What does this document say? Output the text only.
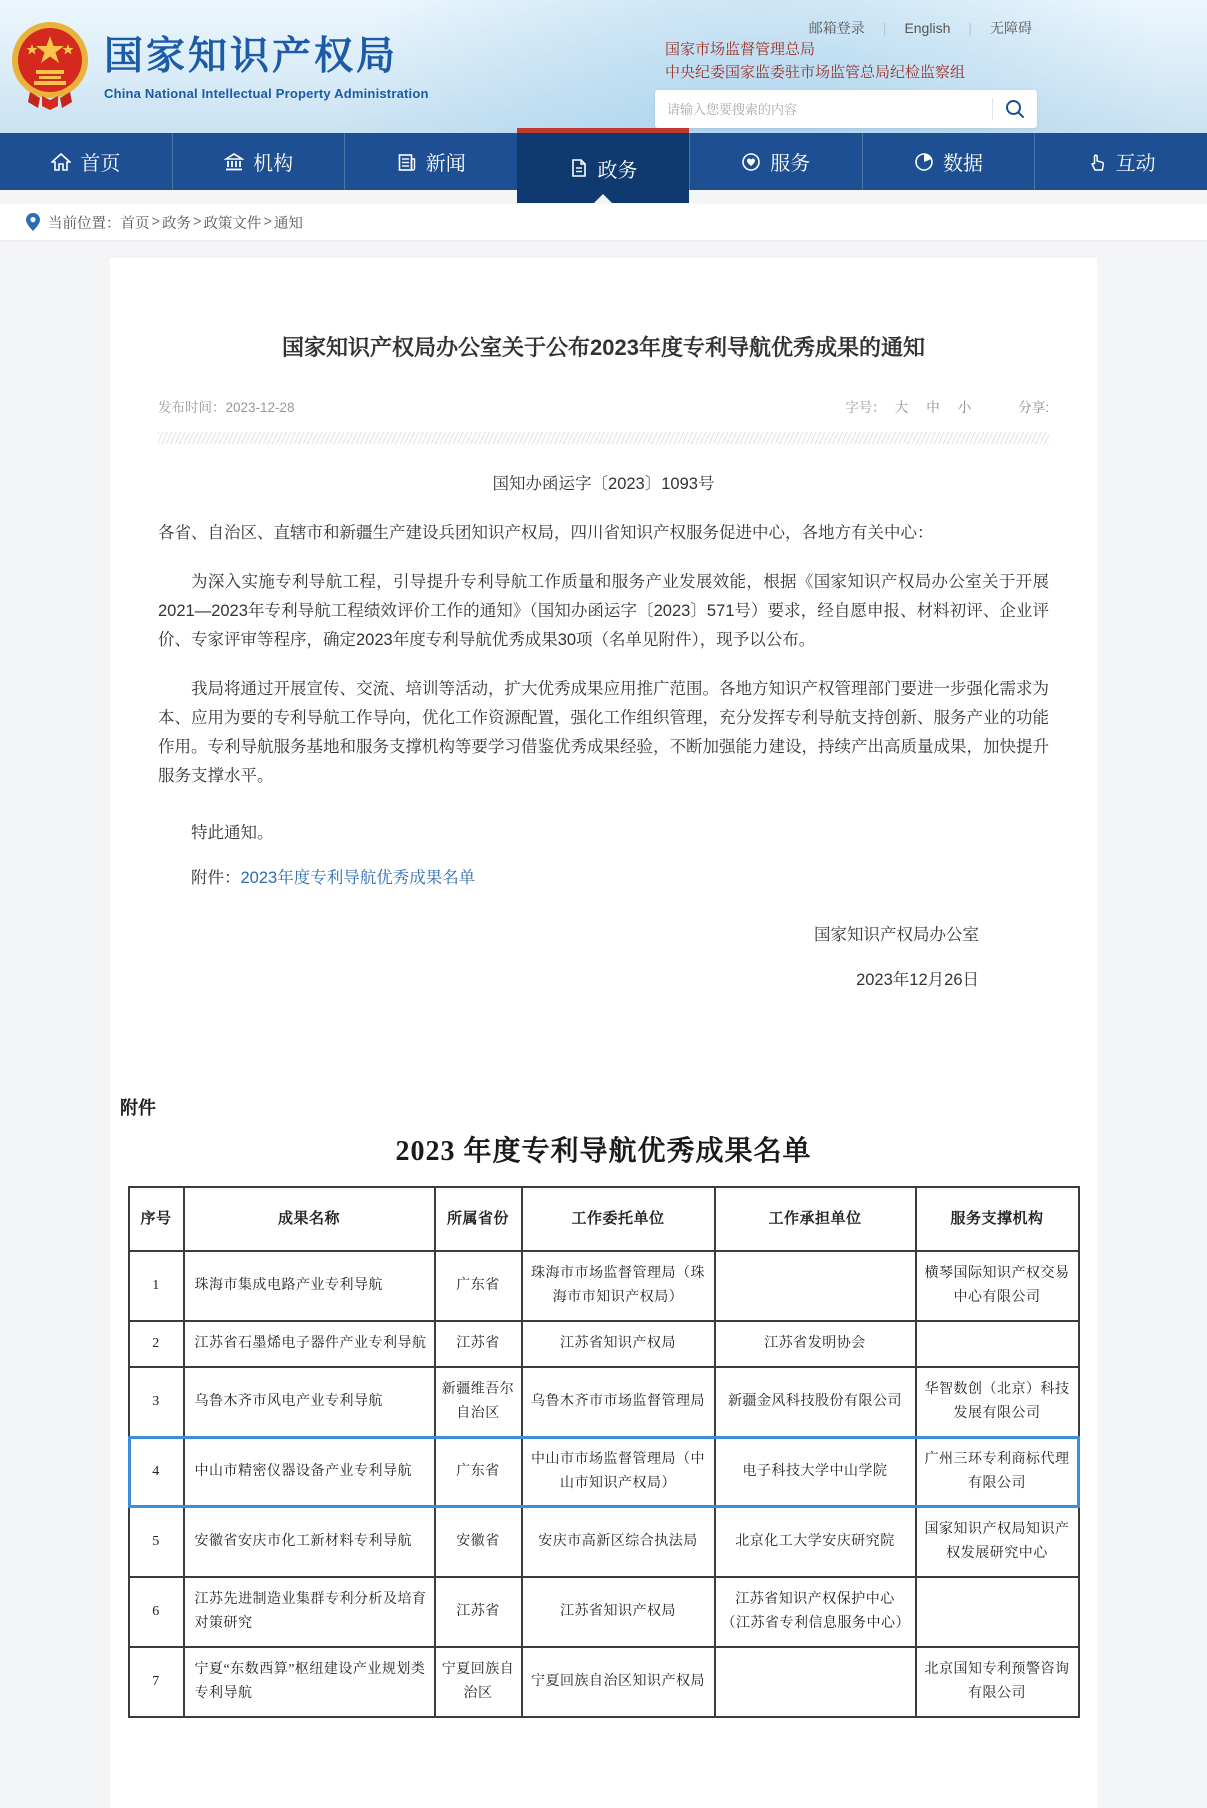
国家知识产权局
China National Intellectual Property Administration
邮箱登录	|	English	|	无障碍
国家市场监督管理总局
中央纪委国家监委驻市场监管总局纪检监察组
请输入您要搜索的内容
首页	机构	新闻	政务	服务	数据	互动
当前位置： 首页 > 政务 > 政策文件 > 通知
国家知识产权局办公室关于公布2023年度专利导航优秀成果的通知
发布时间：2023-12-28	字号： 大 中 小	分享:

国知办函运字〔2023〕1093号

各省、自治区、直辖市和新疆生产建设兵团知识产权局，四川省知识产权服务促进中心，各地方有关中心：

为深入实施专利导航工程，引导提升专利导航工作质量和服务产业发展效能，根据《国家知识产权局办公室关于开展2021—2023年专利导航工程绩效评价工作的通知》（国知办函运字〔2023〕571号）要求，经自愿申报、材料初评、企业评价、专家评审等程序，确定2023年度专利导航优秀成果30项（名单见附件），现予以公布。

我局将通过开展宣传、交流、培训等活动，扩大优秀成果应用推广范围。各地方知识产权管理部门要进一步强化需求为本、应用为要的专利导航工作导向，优化工作资源配置，强化工作组织管理，充分发挥专利导航支持创新、服务产业的功能作用。专利导航服务基地和服务支撑机构等要学习借鉴优秀成果经验，不断加强能力建设，持续产出高质量成果，加快提升服务支撑水平。

特此通知。

附件：2023年度专利导航优秀成果名单

国家知识产权局办公室
2023年12月26日
附件
2023 年度专利导航优秀成果名单
序号	成果名称	所属省份	工作委托单位	工作承担单位	服务支撑机构
1	珠海市集成电路产业专利导航	广东省	珠海市市场监督管理局（珠海市市知识产权局）		横琴国际知识产权交易中心有限公司
2	江苏省石墨烯电子器件产业专利导航	江苏省	江苏省知识产权局	江苏省发明协会	
3	乌鲁木齐市风电产业专利导航	新疆维吾尔自治区	乌鲁木齐市市场监督管理局	新疆金风科技股份有限公司	华智数创（北京）科技发展有限公司
4	中山市精密仪器设备产业专利导航	广东省	中山市市场监督管理局（中山市知识产权局）	电子科技大学中山学院	广州三环专利商标代理有限公司
5	安徽省安庆市化工新材料专利导航	安徽省	安庆市高新区综合执法局	北京化工大学安庆研究院	国家知识产权局知识产权发展研究中心
6	江苏先进制造业集群专利分析及培育对策研究	江苏省	江苏省知识产权局	江苏省知识产权保护中心（江苏省专利信息服务中心）	
7	宁夏“东数西算”枢纽建设产业规划类专利导航	宁夏回族自治区	宁夏回族自治区知识产权局		北京国知专利预警咨询有限公司
